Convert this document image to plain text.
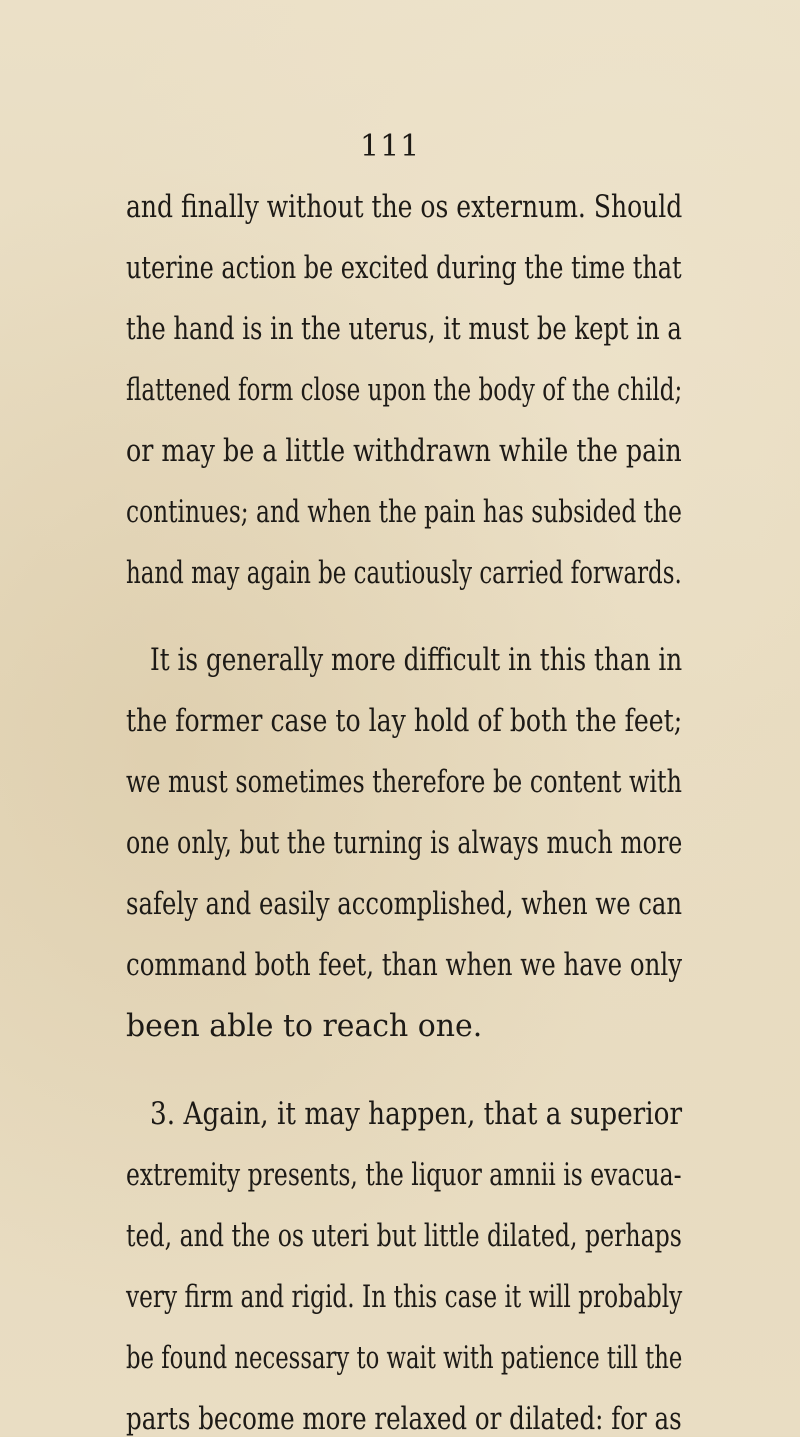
111
and finally without the os externum. Should
uterine action be excited during the time that
the hand is in the uterus, it must be kept in a
flattened form close upon the body of the child;
or may be a little withdrawn while the pain
continues; and when the pain has subsided the
hand may again be cautiously carried forwards.
It is generally more difficult in this than in
the former case to lay hold of both the feet;
we must sometimes therefore be content with
one only, but the turning is always much more
safely and easily accomplished, when we can
command both feet, than when we have only
been able to reach one.
3. Again, it may happen, that a superior
extremity presents, the liquor amnii is evacua-
ted, and the os uteri but little dilated, perhaps
very firm and rigid. In this case it will probably
be found necessary to wait with patience till the
parts become more relaxed or dilated: for as
